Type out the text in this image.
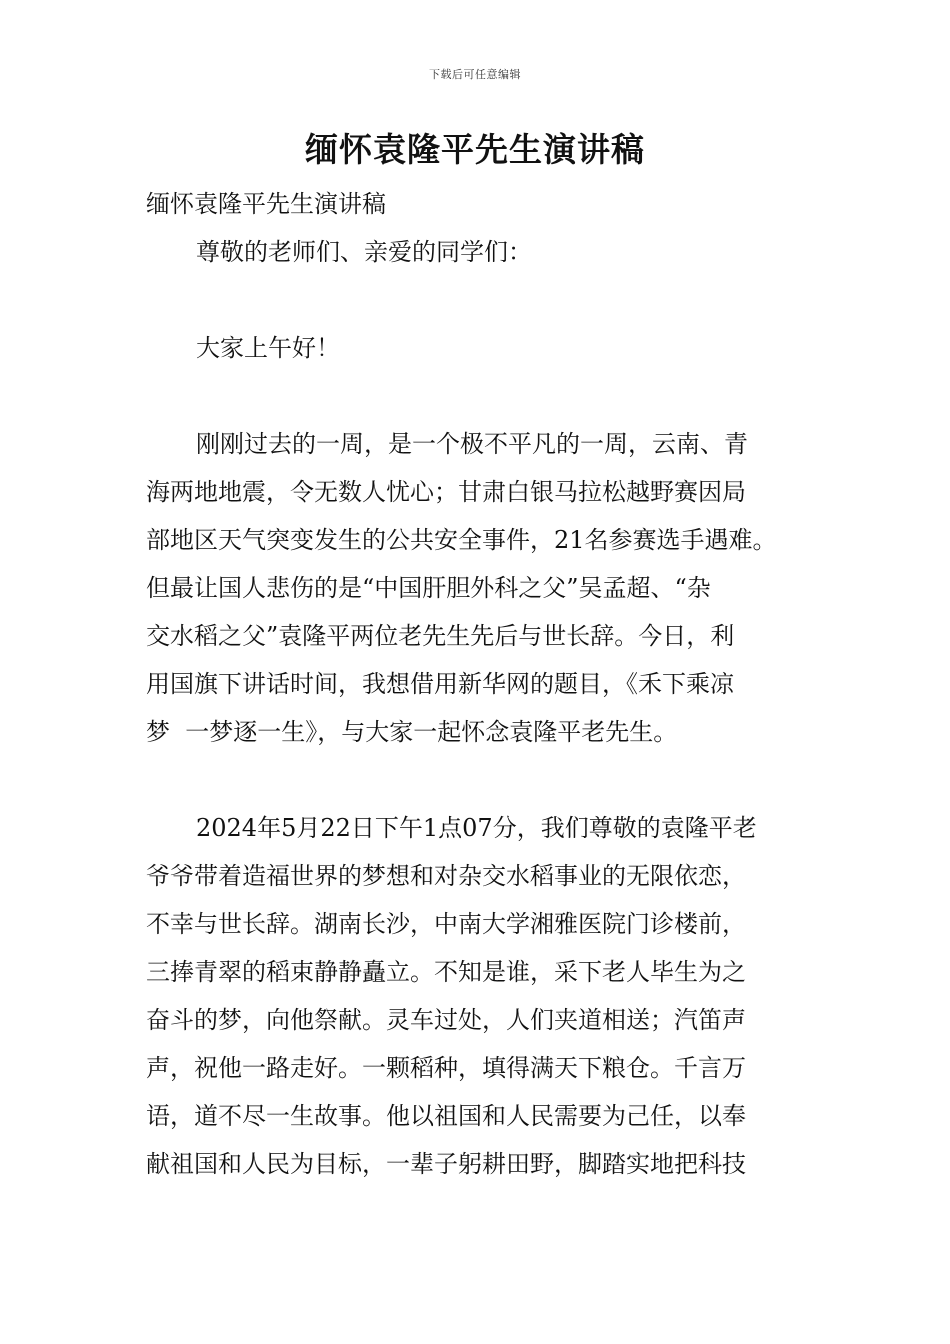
下载后可任意编辑
缅怀袁隆平先生演讲稿

缅怀袁隆平先生演讲稿

尊敬的老师们、亲爱的同学们：

大家上午好！

刚刚过去的一周，是一个极不平凡的一周，云南、青

海两地地震，令无数人忧心；甘肃白银马拉松越野赛因局

部地区天气突变发生的公共安全事件，21名参赛选手遇难。

但最让国人悲伤的是“中国肝胆外科之父”吴孟超、“杂

交水稻之父”袁隆平两位老先生先后与世长辞。今日，利

用国旗下讲话时间，我想借用新华网的题目，《禾下乘凉

梦  一梦逐一生》，与大家一起怀念袁隆平老先生。

2024年5月22日下午1点07分，我们尊敬的袁隆平老

爷爷带着造福世界的梦想和对杂交水稻事业的无限依恋，

不幸与世长辞。湖南长沙，中南大学湘雅医院门诊楼前，

三捧青翠的稻束静静矗立。不知是谁，采下老人毕生为之

奋斗的梦，向他祭献。灵车过处，人们夹道相送；汽笛声

声，祝他一路走好。一颗稻种，填得满天下粮仓。千言万

语，道不尽一生故事。他以祖国和人民需要为己任，以奉

献祖国和人民为目标，一辈子躬耕田野，脚踏实地把科技
